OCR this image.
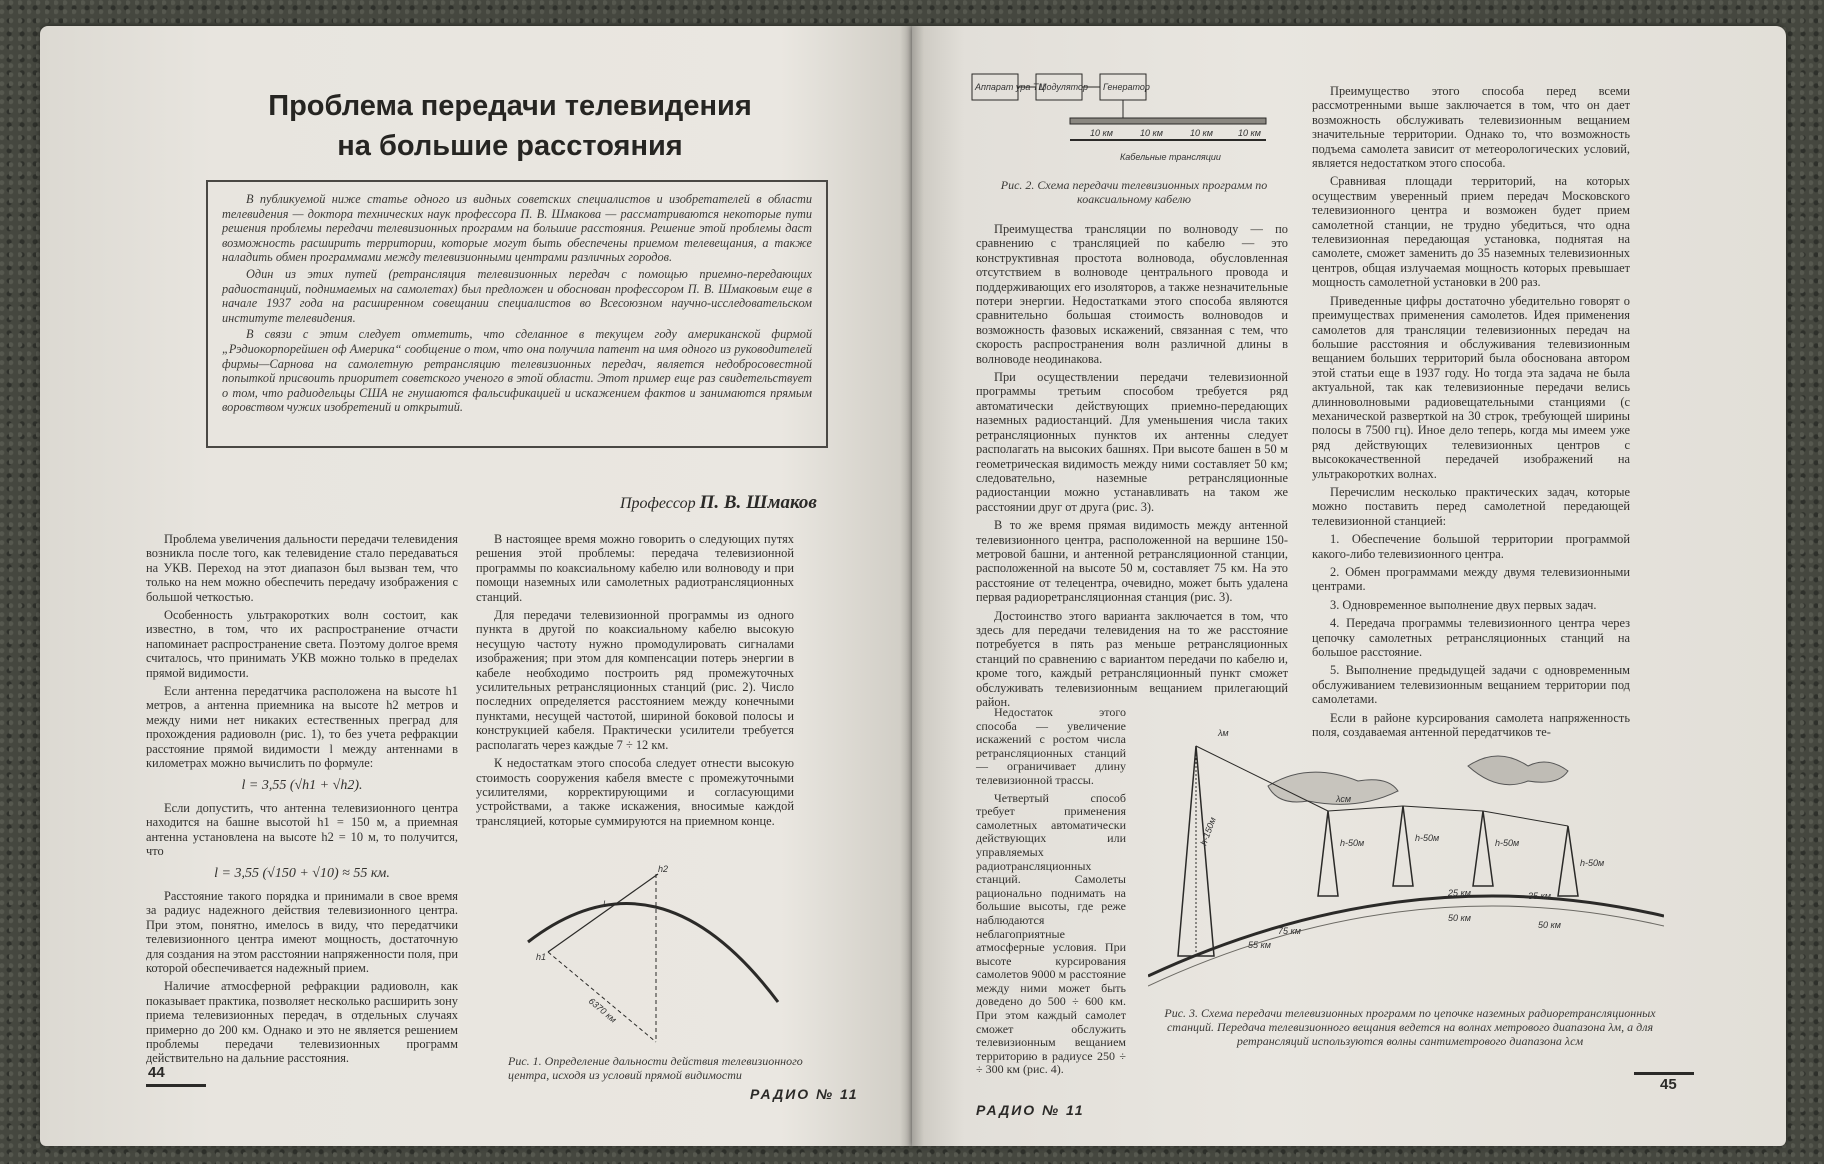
Проблема передачи телевидения
на большие расстояния

В публикуемой ниже статье одного из видных советских специалистов и изобретателей в области телевидения — доктора технических наук профессора П. В. Шмакова — рассматриваются некоторые пути решения проблемы передачи телевизионных программ на большие расстояния. Решение этой проблемы даст возможность расширить территории, которые могут быть обеспечены приемом телевещания, а также наладить обмен программами между телевизионными центрами различных городов.

Один из этих путей (ретрансляция телевизионных передач с помощью приемно-передающих радиостанций, поднимаемых на самолетах) был предложен и обоснован профессором П. В. Шмаковым еще в начале 1937 года на расширенном совещании специалистов во Всесоюзном научно-исследовательском институте телевидения.

В связи с этим следует отметить, что сделанное в текущем году американской фирмой „Рэдиокорпорейшен оф Америка“ сообщение о том, что она получила патент на имя одного из руководителей фирмы—Сарнова на самолетную ретрансляцию телевизионных передач, является недобросовестной попыткой присвоить приоритет советского ученого в этой области. Этот пример еще раз свидетельствует о том, что радиодельцы США не гнушаются фальсификацией и искажением фактов и занимаются прямым воровством чужих изобретений и открытий.

Профессор П. В. Шмаков

Проблема увеличения дальности передачи телевидения возникла после того, как телевидение стало передаваться на УКВ. Переход на этот диапазон был вызван тем, что только на нем можно обеспечить передачу изображения с большой четкостью.

Особенность ультракоротких волн состоит, как известно, в том, что их распространение отчасти напоминает распространение света. Поэтому долгое время считалось, что принимать УКВ можно только в пределах прямой видимости.

Если антенна передатчика расположена на высоте h1 метров, а антенна приемника на высоте h2 метров и между ними нет никаких естественных преград для прохождения радиоволн (рис. 1), то без учета рефракции расстояние прямой видимости l между антеннами в километрах можно вычислить по формуле:

l = 3,55 (√h1 + √h2).

Если допустить, что антенна телевизионного центра находится на башне высотой h1 = 150 м, а приемная антенна установлена на высоте h2 = 10 м, то получится, что

l = 3,55 (√150 + √10) ≈ 55 км.

Расстояние такого порядка и принимали в свое время за радиус надежного действия телевизионного центра. При этом, понятно, имелось в виду, что передатчики телевизионного центра имеют мощность, достаточную для создания на этом расстоянии напряженности поля, при которой обеспечивается надежный прием.

Наличие атмосферной рефракции радиоволн, как показывает практика, позволяет несколько расширить зону приема телевизионных передач, в отдельных случаях примерно до 200 км. Однако и это не является решением проблемы передачи телевизионных программ действительно на дальние расстояния.

В настоящее время можно говорить о следующих путях решения этой проблемы: передача телевизионной программы по коаксиальному кабелю или волноводу и при помощи наземных или самолетных радиотрансляционных станций.

Для передачи телевизионной программы из одного пункта в другой по коаксиальному кабелю высокую несущую частоту нужно промодулировать сигналами изображения; при этом для компенсации потерь энергии в кабеле необходимо построить ряд промежуточных усилительных ретрансляционных станций (рис. 2). Число последних определяется расстоянием между конечными пунктами, несущей частотой, шириной боковой полосы и конструкцией кабеля. Практически усилители требуется располагать через каждые 7 ÷ 12 км.

К недостаткам этого способа следует отнести высокую стоимость сооружения кабеля вместе с промежуточными усилителями, корректирующими и согласующими устройствами, а также искажения, вносимые каждой трансляцией, которые суммируются на приемном конце.

h2
h1
l
6370 км
Рис. 1. Определение дальности действия телевизионного центра, исходя из условий прямой видимости
44
РАДИО № 11
Аппарат ура ТЦ
Модулятор Генератор
10 км	10 км	10 км	10 км
Кабельные трансляции
Рис. 2. Схема передачи телевизионных программ по коаксиальному кабелю

Преимущества трансляции по волноводу — по сравнению с трансляцией по кабелю — это конструктивная простота волновода, обусловленная отсутствием в волноводе центрального провода и поддерживающих его изоляторов, а также незначительные потери энергии. Недостатками этого способа являются сравнительно большая стоимость волноводов и возможность фазовых искажений, связанная с тем, что скорость распространения волн различной длины в волноводе неодинакова.

При осуществлении передачи телевизионной программы третьим способом требуется ряд автоматически действующих приемно-передающих наземных радиостанций. Для уменьшения числа таких ретрансляционных пунктов их антенны следует располагать на высоких башнях. При высоте башен в 50 м геометрическая видимость между ними составляет 50 км; следовательно, наземные ретрансляционные радиостанции можно устанавливать на таком же расстоянии друг от друга (рис. 3).

В то же время прямая видимость между антенной телевизионного центра, расположенной на вершине 150-метровой башни, и антенной ретрансляционной станции, расположенной на высоте 50 м, составляет 75 км. На это расстояние от телецентра, очевидно, может быть удалена первая радиоретрансляционная станция (рис. 3).

Достоинство этого варианта заключается в том, что здесь для передачи телевидения на то же расстояние потребуется в пять раз меньше ретрансляционных станций по сравнению с вариантом передачи по кабелю и, кроме того, каждый ретрансляционный пункт сможет обслуживать телевизионным вещанием прилегающий район.

Недостаток этого способа — увеличение искажений с ростом числа ретрансляционных станций — ограничивает длину телевизионной трассы.

Четвертый способ требует применения самолетных автоматически действующих или управляемых радиотрансляционных станций. Самолеты рационально поднимать на большие высоты, где реже наблюдаются неблагоприятные атмосферные условия. При высоте курсирования самолетов 9000 м расстояние между ними может быть доведено до 500 ÷ 600 км. При этом каждый самолет сможет обслужить телевизионным вещанием территорию в радиусе 250 ÷ ÷ 300 км (рис. 4).

Преимущество этого способа перед всеми рассмотренными выше заключается в том, что он дает возможность обслуживать телевизионным вещанием значительные территории. Однако то, что возможность подъема самолета зависит от метеорологических условий, является недостатком этого способа.

Сравнивая площади территорий, на которых осуществим уверенный прием передач Московского телевизионного центра и возможен будет прием самолетной станции, не трудно убедиться, что одна телевизионная передающая установка, поднятая на самолете, сможет заменить до 35 наземных телевизионных центров, общая излучаемая мощность которых превышает мощность самолетной установки в 200 раз.

Приведенные цифры достаточно убедительно говорят о преимуществах применения самолетов. Идея применения самолетов для трансляции телевизионных передач на большие расстояния и обслуживания телевизионным вещанием больших территорий была обоснована автором этой статьи еще в 1937 году. Но тогда эта задача не была актуальной, так как телевизионные передачи велись длинноволновыми радиовещательными станциями (с механической разверткой на 30 строк, требующей ширины полосы в 7500 гц). Иное дело теперь, когда мы имеем уже ряд действующих телевизионных центров с высококачественной передачей изображений на ультракоротких волнах.

Перечислим несколько практических задач, которые можно поставить перед самолетной передающей телевизионной станцией:

1. Обеспечение большой территории программой какого-либо телевизионного центра.

2. Обмен программами между двумя телевизионными центрами.

3. Одновременное выполнение двух первых задач.

4. Передача программы телевизионного центра через цепочку самолетных ретрансляционных станций на большое расстояние.

5. Выполнение предыдущей задачи с одновременным обслуживанием телевизионным вещанием территории под самолетами.

Если в районе курсирования самолета напряженность поля, создаваемая антенной передатчиков те-

λм
λсм
h-150м	h-50м	h-50м	h-50м
h-50м
55 км
75 км
50 км
25 км	35 км
50 км
Рис. 3. Схема передачи телевизионных программ по цепочке наземных радиоретрансляционных станций. Передача телевизионного вещания ведется на волнах метрового диапазона λм, а для ретрансляций используются волны сантиметрового диапазона λсм
45
РАДИО № 11
